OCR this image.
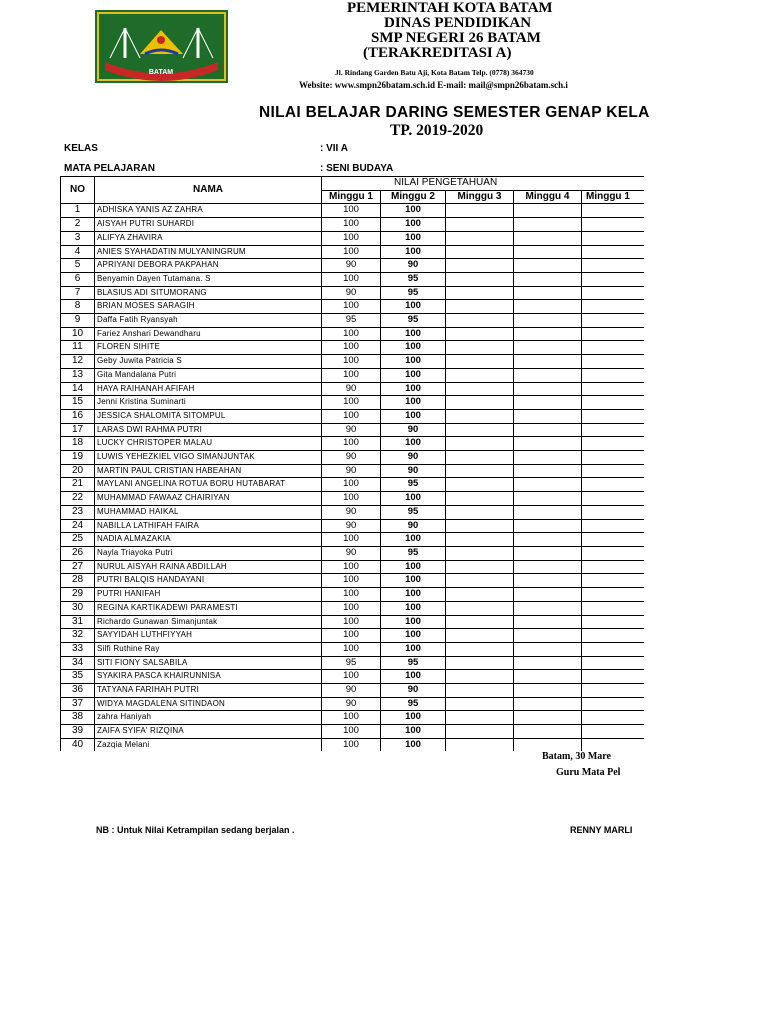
BATAM
PEMERINTAH KOTA BATAM
DINAS PENDIDIKAN
SMP NEGERI 26 BATAM
(TERAKREDITASI A)
Jl. Rindang Garden Batu Aji, Kota Batam Telp. (0778) 364730
Website: www.smpn26batam.sch.id E-mail: mail@smpn26batam.sch.i
NILAI BELAJAR DARING SEMESTER GENAP KELA
TP. 2019-2020
KELAS	: VII A
MATA PELAJARAN	: SENI BUDAYA
NO	NAMA	NILAI PENGETAHUAN				
		Minggu 1	Minggu 2	Minggu 3	Minggu 4	Minggu 1
1	ADHISKA YANIS AZ ZAHRA	100	100			
2	AISYAH PUTRI SUHARDI	100	100			
3	ALIFYA ZHAVIRA	100	100			
4	ANIES SYAHADATIN MULYANINGRUM	100	100			
5	APRIYANI DEBORA PAKPAHAN	90	90			
6	Benyamin Dayen Tutamana. S	100	95			
7	BLASIUS ADI SITUMORANG	90	95			
8	BRIAN MOSES SARAGIH	100	100			
9	Daffa Fatih Ryansyah	95	95			
10	Fariez Anshari Dewandharu	100	100			
11	FLOREN SIHITE	100	100			
12	Geby Juwita Patricia S	100	100			
13	Gita Mandalana Putri	100	100			
14	HAYA RAIHANAH AFIFAH	90	100			
15	Jenni Kristina Suminarti	100	100			
16	JESSICA SHALOMITA SITOMPUL	100	100			
17	LARAS DWI RAHMA PUTRI	90	90			
18	LUCKY CHRISTOPER MALAU	100	100			
19	LUWIS YEHEZKIEL VIGO SIMANJUNTAK	90	90			
20	MARTIN PAUL CRISTIAN HABEAHAN	90	90			
21	MAYLANI ANGELINA ROTUA BORU HUTABARAT	100	95			
22	MUHAMMAD FAWAAZ CHAIRIYAN	100	100			
23	MUHAMMAD HAIKAL	90	95			
24	NABILLA LATHIFAH FAIRA	90	90			
25	NADIA ALMAZAKIA	100	100			
26	Nayla Triayoka Putri	90	95			
27	NURUL AISYAH RAINA ABDILLAH	100	100			
28	PUTRI BALQIS HANDAYANI	100	100			
29	PUTRI HANIFAH	100	100			
30	REGINA KARTIKADEWI PARAMESTI	100	100			
31	Richardo Gunawan Simanjuntak	100	100			
32	SAYYIDAH LUTHFIYYAH	100	100			
33	Silfi Ruthine Ray	100	100			
34	SITI FIONY SALSABILA	95	95			
35	SYAKIRA PASCA KHAIRUNNISA	100	100			
36	TATYANA FARIHAH PUTRI	90	90			
37	WIDYA MAGDALENA SITINDAON	90	95			
38	zahra Haniyah	100	100			
39	ZAIFA SYIFA' RIZQINA	100	100			
40	Zazqia Melani	100	100			
Batam, 30 Mare
Guru Mata Pel
NB : Untuk Nilai Ketrampilan sedang berjalan .	RENNY MARLI
